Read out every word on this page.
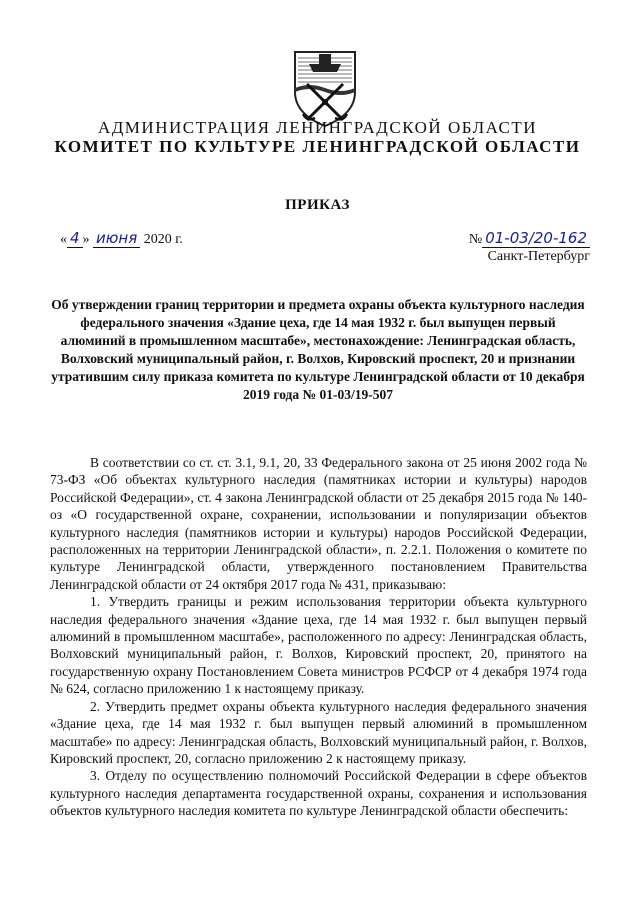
АДМИНИСТРАЦИЯ ЛЕНИНГРАДСКОЙ ОБЛАСТИ
КОМИТЕТ ПО КУЛЬТУРЕ ЛЕНИНГРАДСКОЙ ОБЛАСТИ
ПРИКАЗ
« 4 » июня 2020 г.	№ 01-03/20-162
Санкт-Петербург
Об утверждении границ территории и предмета охраны объекта культурного наследия федерального значения «Здание цеха, где 14 мая 1932 г. был выпущен первый алюминий в промышленном масштабе», местонахождение: Ленинградская область, Волховский муниципальный район, г. Волхов, Кировский проспект, 20 и признании утратившим силу приказа комитета по культуре Ленинградской области от 10 декабря 2019 года № 01-03/19-507

В соответствии со ст. ст. 3.1, 9.1, 20, 33 Федерального закона от 25 июня 2002 года № 73-ФЗ «Об объектах культурного наследия (памятниках истории и культуры) народов Российской Федерации», ст. 4 закона Ленинградской области от 25 декабря 2015 года № 140-оз «О государственной охране, сохранении, использовании и популяризации объектов культурного наследия (памятников истории и культуры) народов Российской Федерации, расположенных на территории Ленинградской области», п. 2.2.1. Положения о комитете по культуре Ленинградской области, утвержденного постановлением Правительства Ленинградской области от 24 октября 2017 года № 431, приказываю:

1. Утвердить границы и режим использования территории объекта культурного наследия федерального значения «Здание цеха, где 14 мая 1932 г. был выпущен первый алюминий в промышленном масштабе», расположенного по адресу: Ленинградская область, Волховский муниципальный район, г. Волхов, Кировский проспект, 20, принятого на государственную охрану Постановлением Совета министров РСФСР от 4 декабря 1974 года № 624, согласно приложению 1 к настоящему приказу.

2. Утвердить предмет охраны объекта культурного наследия федерального значения «Здание цеха, где 14 мая 1932 г. был выпущен первый алюминий в промышленном масштабе» по адресу: Ленинградская область, Волховский муниципальный район, г. Волхов, Кировский проспект, 20, согласно приложению 2 к настоящему приказу.

3. Отделу по осуществлению полномочий Российской Федерации в сфере объектов культурного наследия департамента государственной охраны, сохранения и использования объектов культурного наследия комитета по культуре Ленинградской области обеспечить:
